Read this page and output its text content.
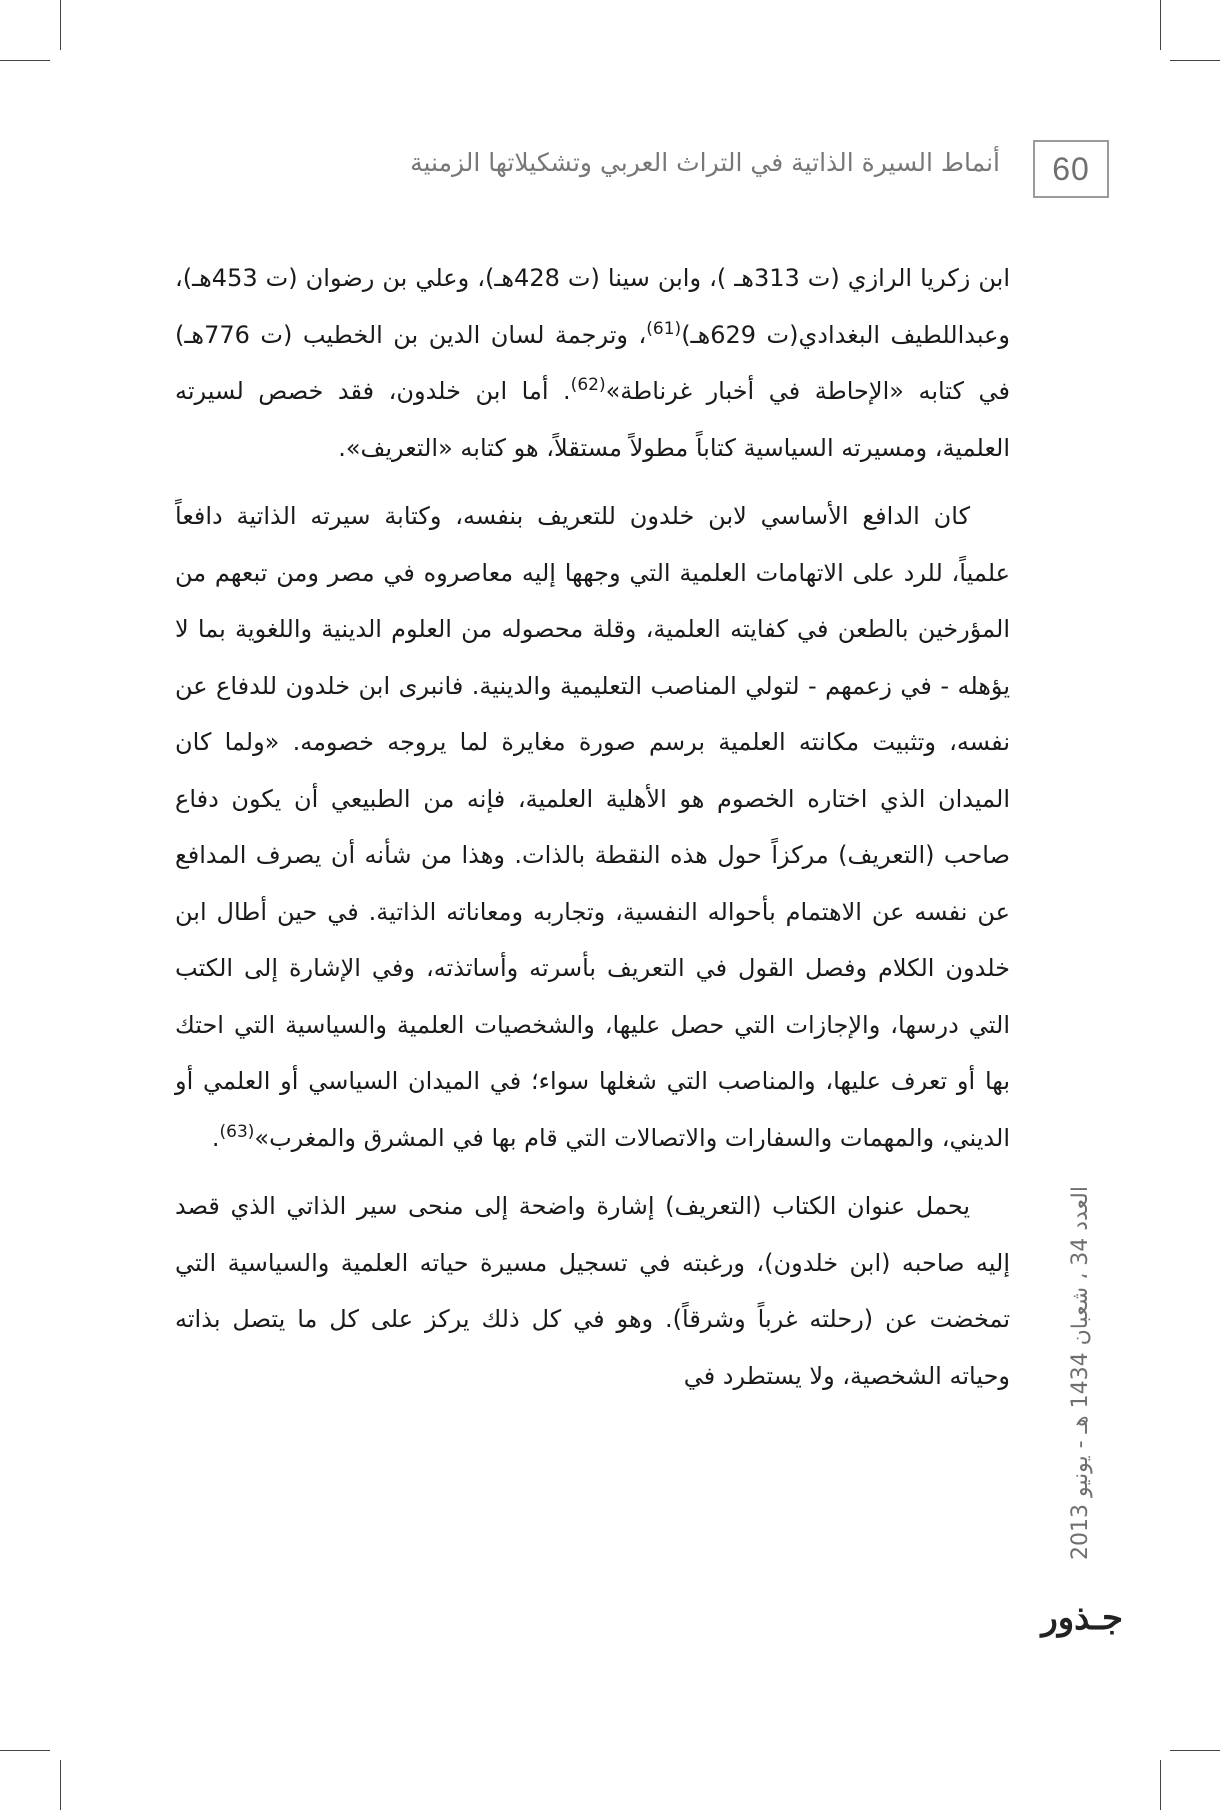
60
أنماط السيرة الذاتية في التراث العربي وتشكيلاتها الزمنية

ابن زكريا الرازي (ت 313هـ )، وابن سينا (ت 428هـ)، وعلي بن رضوان (ت 453هـ)، وعبداللطيف البغدادي(ت 629هـ)$^{(61)}$، وترجمة لسان الدين بن الخطيب (ت 776هـ) في كتابه «الإحاطة في أخبار غرناطة»$^{(62)}$. أما ابن خلدون، فقد خصص لسيرته العلمية، ومسيرته السياسية كتاباً مطولاً مستقلاً، هو كتابه «التعريف».

كان الدافع الأساسي لابن خلدون للتعريف بنفسه، وكتابة سيرته الذاتية دافعاً علمياً، للرد على الاتهامات العلمية التي وجهها إليه معاصروه في مصر ومن تبعهم من المؤرخين بالطعن في كفايته العلمية، وقلة محصوله من العلوم الدينية واللغوية بما لا يؤهله - في زعمهم - لتولي المناصب التعليمية والدينية. فانبرى ابن خلدون للدفاع عن نفسه، وتثبيت مكانته العلمية برسم صورة مغايرة لما يروجه خصومه. «ولما كان الميدان الذي اختاره الخصوم هو الأهلية العلمية، فإنه من الطبيعي أن يكون دفاع صاحب (التعريف) مركزاً حول هذه النقطة بالذات. وهذا من شأنه أن يصرف المدافع عن نفسه عن الاهتمام بأحواله النفسية، وتجاربه ومعاناته الذاتية. في حين أطال ابن خلدون الكلام وفصل القول في التعريف بأسرته وأساتذته، وفي الإشارة إلى الكتب التي درسها، والإجازات التي حصل عليها، والشخصيات العلمية والسياسية التي احتك بها أو تعرف عليها، والمناصب التي شغلها سواء؛ في الميدان السياسي أو العلمي أو الديني، والمهمات والسفارات والاتصالات التي قام بها في المشرق والمغرب»$^{(63)}$.

يحمل عنوان الكتاب (التعريف) إشارة واضحة إلى منحى سير الذاتي الذي قصد إليه صاحبه (ابن خلدون)، ورغبته في تسجيل مسيرة حياته العلمية والسياسية التي تمخضت عن (رحلته غرباً وشرقاً). وهو في كل ذلك يركز على كل ما يتصل بذاته وحياته الشخصية، ولا يستطرد في

العدد 34 ، شعبان 1434 هـ - يونيو 2013
جـذور
